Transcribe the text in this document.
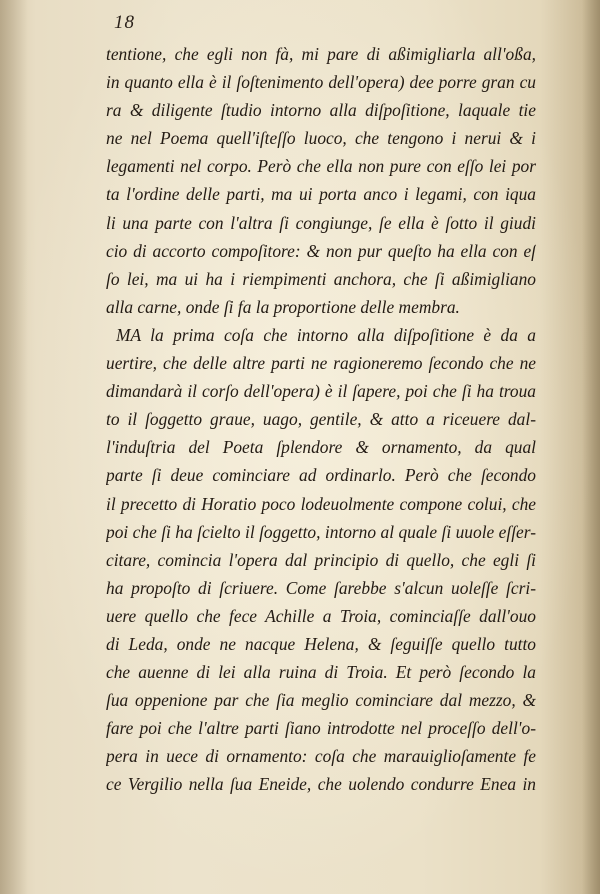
18
tentione, che egli non fà, mi pare di aßimigliarla all'oßa,
in quanto ella è il ſoſtenimento dell'opera) dee porre gran cu
ra & diligente ſtudio intorno alla diſpoſitione, laquale tie
ne nel Poema quell'iſteſſo luoco, che tengono i nerui & i
legamenti nel corpo. Però che ella non pure con eſſo lei por
ta l'ordine delle parti, ma ui porta anco i legami, con iqua
li una parte con l'altra ſi congiunge, ſe ella è ſotto il giudi
cio di accorto compoſitore: & non pur queſto ha ella con eſ
ſo lei, ma ui ha i riempimenti anchora, che ſi aßimigliano
alla carne, onde ſi fa la proportione delle membra.
MA la prima coſa che intorno alla diſpoſitione è da a
uertire, che delle altre parti ne ragioneremo ſecondo che ne
dimandarà il corſo dell'opera) è il ſapere, poi che ſi ha troua
to il ſoggetto graue, uago, gentile, & atto a riceuere dal-
l'induſtria del Poeta ſplendore & ornamento, da qual
parte ſi deue cominciare ad ordinarlo. Però che ſecondo
il precetto di Horatio poco lodeuolmente compone colui, che
poi che ſi ha ſcielto il ſoggetto, intorno al quale ſi uuole eſſer-
citare, comincia l'opera dal principio di quello, che egli ſi
ha propoſto di ſcriuere. Come ſarebbe s'alcun uoleſſe ſcri-
uere quello che fece Achille a Troia, cominciaſſe dall'ouo
di Leda, onde ne nacque Helena, & ſeguiſſe quello tutto
che auenne di lei alla ruina di Troia. Et però ſecondo la
ſua oppenione par che ſia meglio cominciare dal mezzo, &
fare poi che l'altre parti ſiano introdotte nel proceſſo dell'o-
pera in uece di ornamento: coſa che marauiglioſamente fe
ce Vergilio nella ſua Eneide, che uolendo condurre Enea in
